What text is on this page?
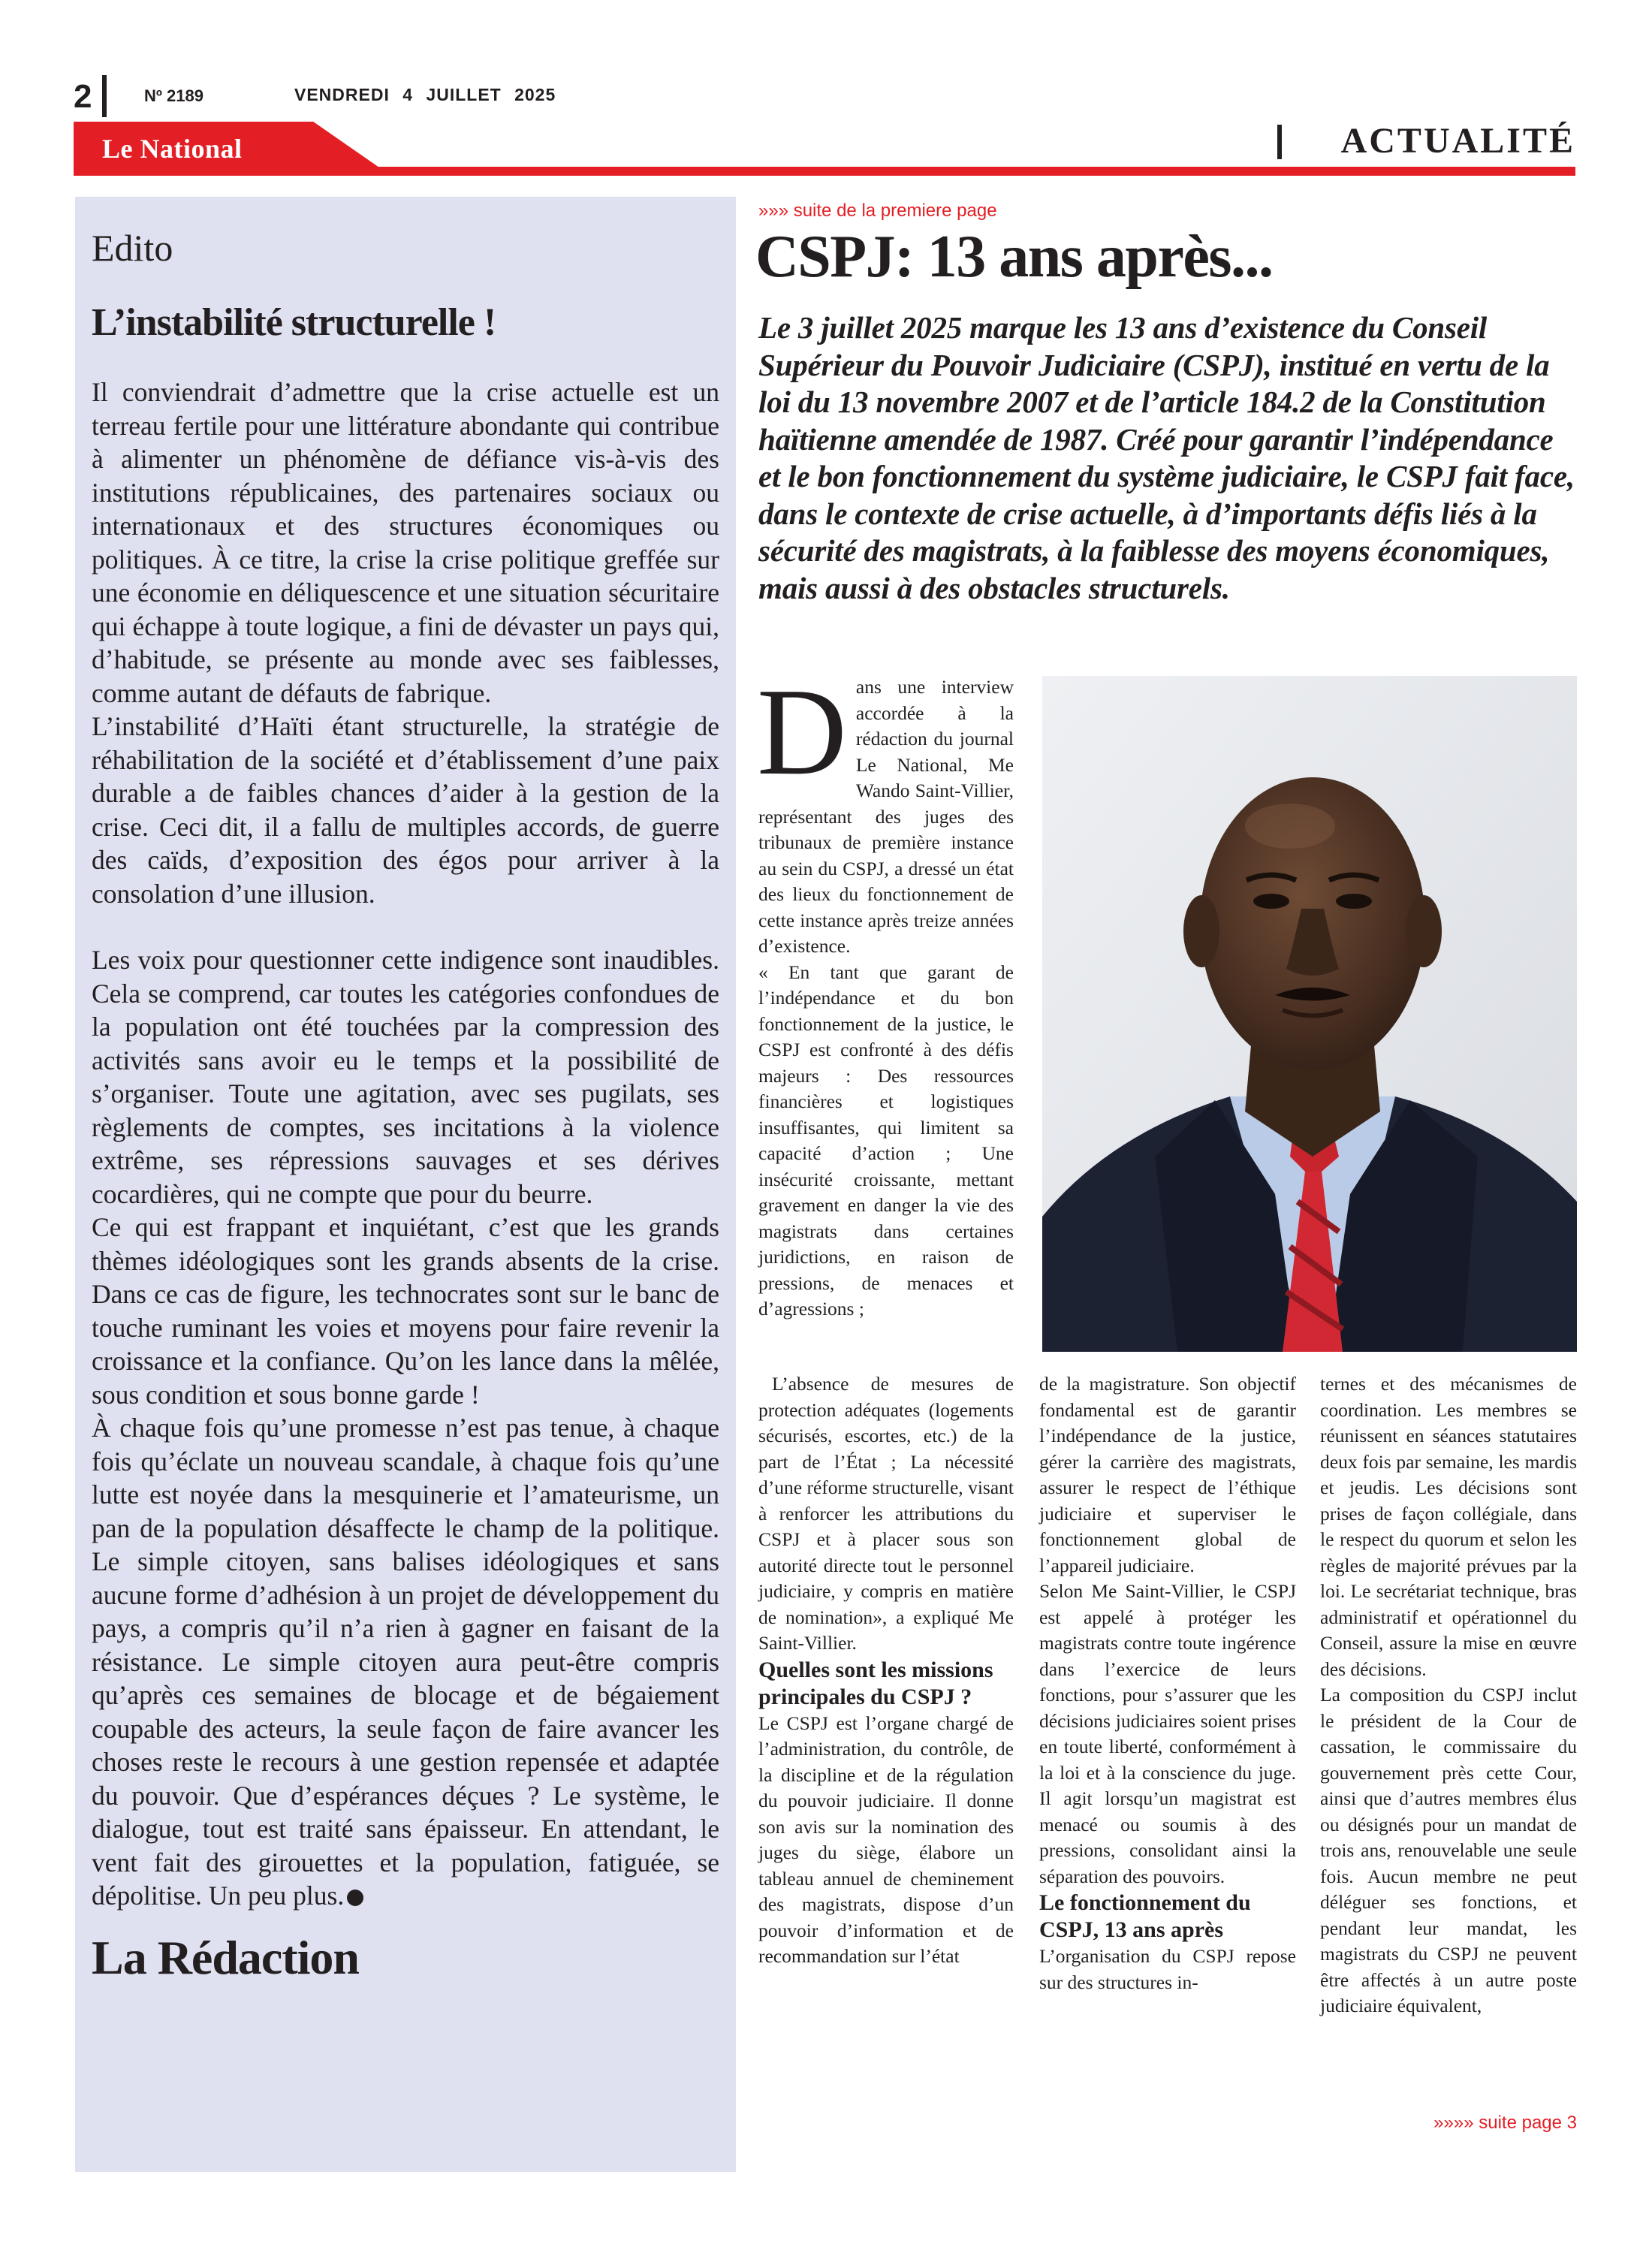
2	Nº 2189	VENDREDI 4 JUILLET 2025
Le National	ACTUALITÉ
Edito
L’instabilité structurelle !

Il conviendrait d’admettre que la crise actuelle est un terreau fertile pour une littérature abondante qui contribue à alimenter un phénomène de défiance vis-à-vis des institutions républicaines, des partenaires sociaux ou internationaux et des structures économiques ou politiques. À ce titre, la crise la crise politique greffée sur une économie en déliquescence et une situation sécuritaire qui échappe à toute logique, a fini de dévaster un pays qui, d’habitude, se présente au monde avec ses faiblesses, comme autant de défauts de fabrique.

L’instabilité d’Haïti étant structurelle, la stratégie de réhabilitation de la société et d’établissement d’une paix durable a de faibles chances d’aider à la gestion de la crise. Ceci dit, il a fallu de multiples accords, de guerre des caïds, d’exposition des égos pour arriver à la consolation d’une illusion.

Les voix pour questionner cette indigence sont inaudibles. Cela se comprend, car toutes les catégories confondues de la population ont été touchées par la compression des activités sans avoir eu le temps et la possibilité de s’organiser. Toute une agitation, avec ses pugilats, ses règlements de comptes, ses incitations à la violence extrême, ses répressions sauvages et ses dérives cocardières, qui ne compte que pour du beurre.

Ce qui est frappant et inquiétant, c’est que les grands thèmes idéologiques sont les grands absents de la crise. Dans ce cas de figure, les technocrates sont sur le banc de touche ruminant les voies et moyens pour faire revenir la croissance et la confiance. Qu’on les lance dans la mêlée, sous condition et sous bonne garde !

À chaque fois qu’une promesse n’est pas tenue, à chaque fois qu’éclate un nouveau scandale, à chaque fois qu’une lutte est noyée dans la mesquinerie et l’amateurisme, un pan de la population désaffecte le champ de la politique. Le simple citoyen, sans balises idéologiques et sans aucune forme d’adhésion à un projet de développement du pays, a compris qu’il n’a rien à gagner en faisant de la résistance. Le simple citoyen aura peut-être compris qu’après ces semaines de blocage et de bégaiement coupable des acteurs, la seule façon de faire avancer les choses reste le recours à une gestion repensée et adaptée du pouvoir. Que d’espérances déçues ? Le système, le dialogue, tout est traité sans épaisseur. En attendant, le vent fait des girouettes et la population, fatiguée, se dépolitise. Un peu plus.

La Rédaction
»»» suite de la premiere page
CSPJ: 13 ans après...
Le 3 juillet 2025 marque les 13 ans d’existence du Conseil Supérieur du Pouvoir Judiciaire (CSPJ), institué en vertu de la loi du 13 novembre 2007 et de l’article 184.2 de la Constitution haïtienne amendée de 1987. Créé pour garantir l’indépendance et le bon fonctionnement du système judiciaire, le CSPJ fait face, dans le contexte de crise actuelle, à d’importants défis liés à la sécurité des magistrats, à la faiblesse des moyens économiques, mais aussi à des obstacles structurels.

Dans une interview accordée à la rédaction du journal Le National, Me Wando Saint-Villier, représentant des juges des tribunaux de première instance au sein du CSPJ, a dressé un état des lieux du fonctionnement de cette instance après treize années d’existence.

« En tant que garant de l’indépendance et du bon fonctionnement de la justice, le CSPJ est confronté à des défis majeurs : Des ressources financières et logistiques insuffisantes, qui limitent sa capacité d’action ; Une insécurité croissante, mettant gravement en danger la vie des magistrats dans certaines juridictions, en raison de pressions, de menaces et d’agressions ;

L’absence de mesures de protection adéquates (logements sécurisés, escortes, etc.) de la part de l’État ; La nécessité d’une réforme structurelle, visant à renforcer les attributions du CSPJ et à placer sous son autorité directe tout le personnel judiciaire, y compris en matière de nomination», a expliqué Me Saint-Villier.

Quelles sont les missions principales du CSPJ ?

Le CSPJ est l’organe chargé de l’administration, du contrôle, de la discipline et de la régulation du pouvoir judiciaire. Il donne son avis sur la nomination des juges du siège, élabore un tableau annuel de cheminement des magistrats, dispose d’un pouvoir d’information et de recommandation sur l’état

de la magistrature. Son objectif fondamental est de garantir l’indépendance de la justice, gérer la carrière des magistrats, assurer le respect de l’éthique judiciaire et superviser le fonctionnement global de l’appareil judiciaire.

Selon Me Saint-Villier, le CSPJ est appelé à protéger les magistrats contre toute ingérence dans l’exercice de leurs fonctions, pour s’assurer que les décisions judiciaires soient prises en toute liberté, conformément à la loi et à la conscience du juge. Il agit lorsqu’un magistrat est menacé ou soumis à des pressions, consolidant ainsi la séparation des pouvoirs.

Le fonctionnement du CSPJ, 13 ans après

L’organisation du CSPJ repose sur des structures in-

ternes et des mécanismes de coordination. Les membres se réunissent en séances statutaires deux fois par semaine, les mardis et jeudis. Les décisions sont prises de façon collégiale, dans le respect du quorum et selon les règles de majorité prévues par la loi. Le secrétariat technique, bras administratif et opérationnel du Conseil, assure la mise en œuvre des décisions.

La composition du CSPJ inclut le président de la Cour de cassation, le commissaire du gouvernement près cette Cour, ainsi que d’autres membres élus ou désignés pour un mandat de trois ans, renouvelable une seule fois. Aucun membre ne peut déléguer ses fonctions, et pendant leur mandat, les magistrats du CSPJ ne peuvent être affectés à un autre poste judiciaire équivalent,

»»»» suite page 3
